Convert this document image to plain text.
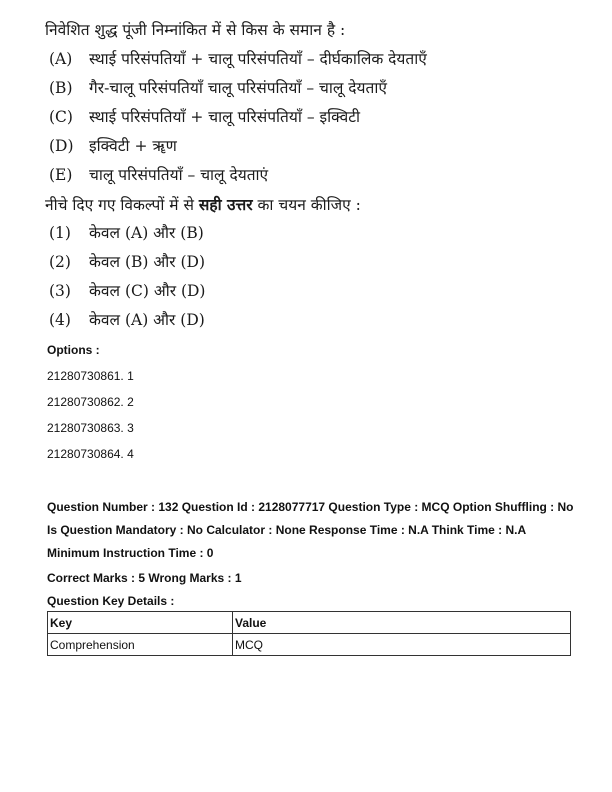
निवेशित शुद्ध पूंजी निम्नांकित में से किस के समान है :
(A)	स्थाई परिसंपतियाँ + चालू परिसंपतियाँ – दीर्घकालिक देयताएँ
(B)	गैर-चालू परिसंपतियाँ चालू परिसंपतियाँ – चालू देयताएँ
(C)	स्थाई परिसंपतियाँ + चालू परिसंपतियाँ – इक्विटी
(D) इक्विटी + ॠण
(E)	चालू परिसंपतियाँ – चालू देयताएं
नीचे दिए गए विकल्पों में से सही उत्तर का चयन कीजिए :
(1)	केवल (A) और (B)
(2)	केवल (B) और (D)
(3)	केवल (C) और (D)
(4)	केवल (A) और (D)
Options :
21280730861. 1
21280730862. 2
21280730863. 3
21280730864. 4
Question Number : 132 Question Id : 2128077717 Question Type : MCQ Option Shuffling : No
Is Question Mandatory : No Calculator : None Response Time : N.A Think Time : N.A
Minimum Instruction Time : 0
Correct Marks : 5 Wrong Marks : 1
Question Key Details :
Key	Value
Comprehension	MCQ
